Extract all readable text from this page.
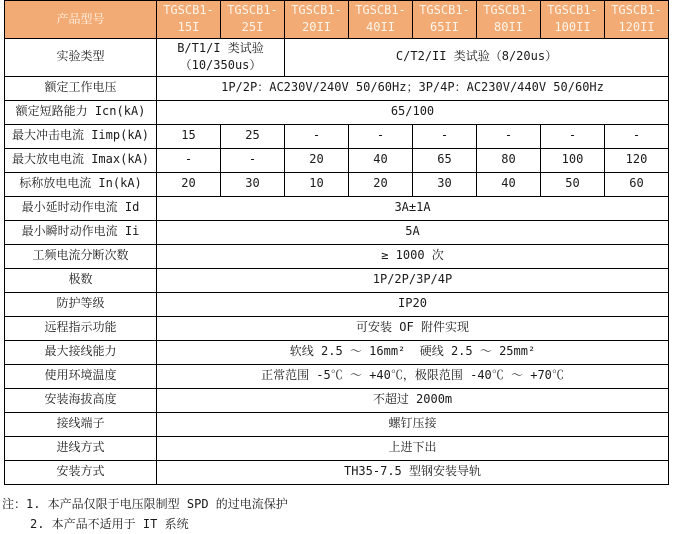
产品型号	TGSCB1-15I	TGSCB1-25I	TGSCB1-20II	TGSCB1-40II	TGSCB1-65II	TGSCB1-80II	TGSCB1-100II	TGSCB1-120II
实验类型	B/T1/I 类试验（10/350us）		C/T2/II 类试验（8/20us）					
额定工作电压	1P/2P：AC230V/240V 50/60Hz；3P/4P：AC230V/440V 50/60Hz							
额定短路能力 Icn(kA)	65/100							
最大冲击电流 Iimp(kA)	15	25	-	-	-	-	-	-
最大放电电流 Imax(kA)	-	-	20	40	65	80	100	120
标称放电电流 In(kA)	20	30	10	20	30	40	50	60
最小延时动作电流 Id	3A±1A							
最小瞬时动作电流 Ii	5A							
工频电流分断次数	≥ 1000 次							
极数	1P/2P/3P/4P							
防护等级	IP20							
远程指示功能	可安装 OF 附件实现							
最大接线能力	软线 2.5 ～ 16mm²  硬线 2.5 ～ 25mm²							
使用环境温度	正常范围 -5℃ ～ +40℃，极限范围 -40℃ ～ +70℃							
安装海拔高度	不超过 2000m							
接线端子	螺钉压接							
进线方式	上进下出							
安装方式	TH35-7.5 型钢安装导轨							
注：1. 本产品仅限于电压限制型 SPD 的过电流保护
2. 本产品不适用于 IT 系统
